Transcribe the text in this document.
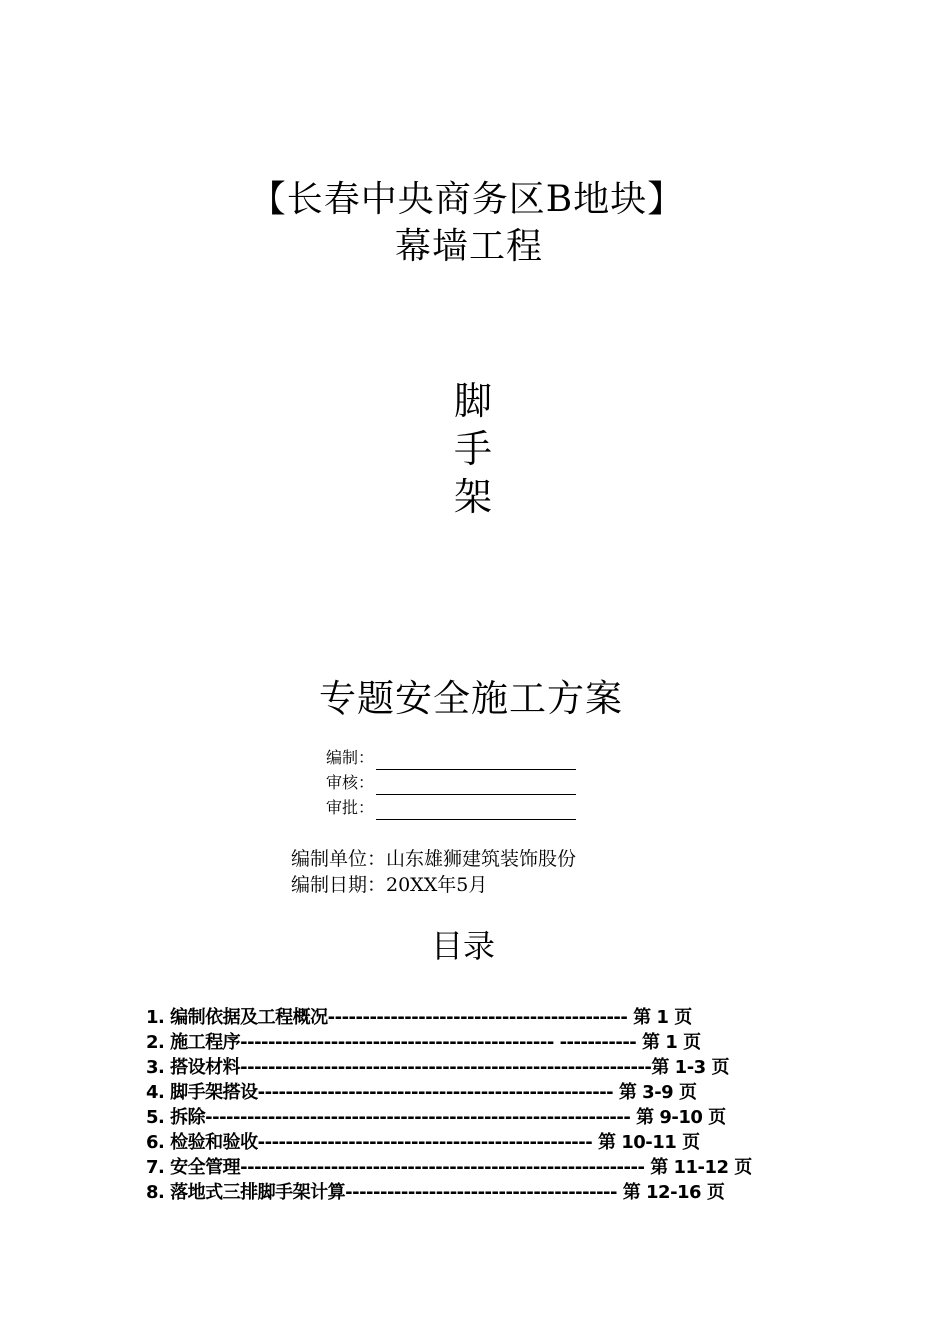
【长春中央商务区B地块】
幕墙工程
脚
手
架
专题安全施工方案
编制：
审核：
审批：
编制单位：山东雄狮建筑装饰股份
编制日期：20XX年5月
目录
1. 编制依据及工程概况------------------------------------------- 第 1 页
2. 施工程序--------------------------------------------- ----------- 第 1 页
3. 搭设材料-----------------------------------------------------------第 1-3 页
4. 脚手架搭设--------------------------------------------------- 第 3-9 页
5. 拆除------------------------------------------------------------- 第 9-10 页
6. 检验和验收------------------------------------------------ 第 10-11 页
7. 安全管理---------------------------------------------------------- 第 11-12 页
8. 落地式三排脚手架计算--------------------------------------- 第 12-16 页
